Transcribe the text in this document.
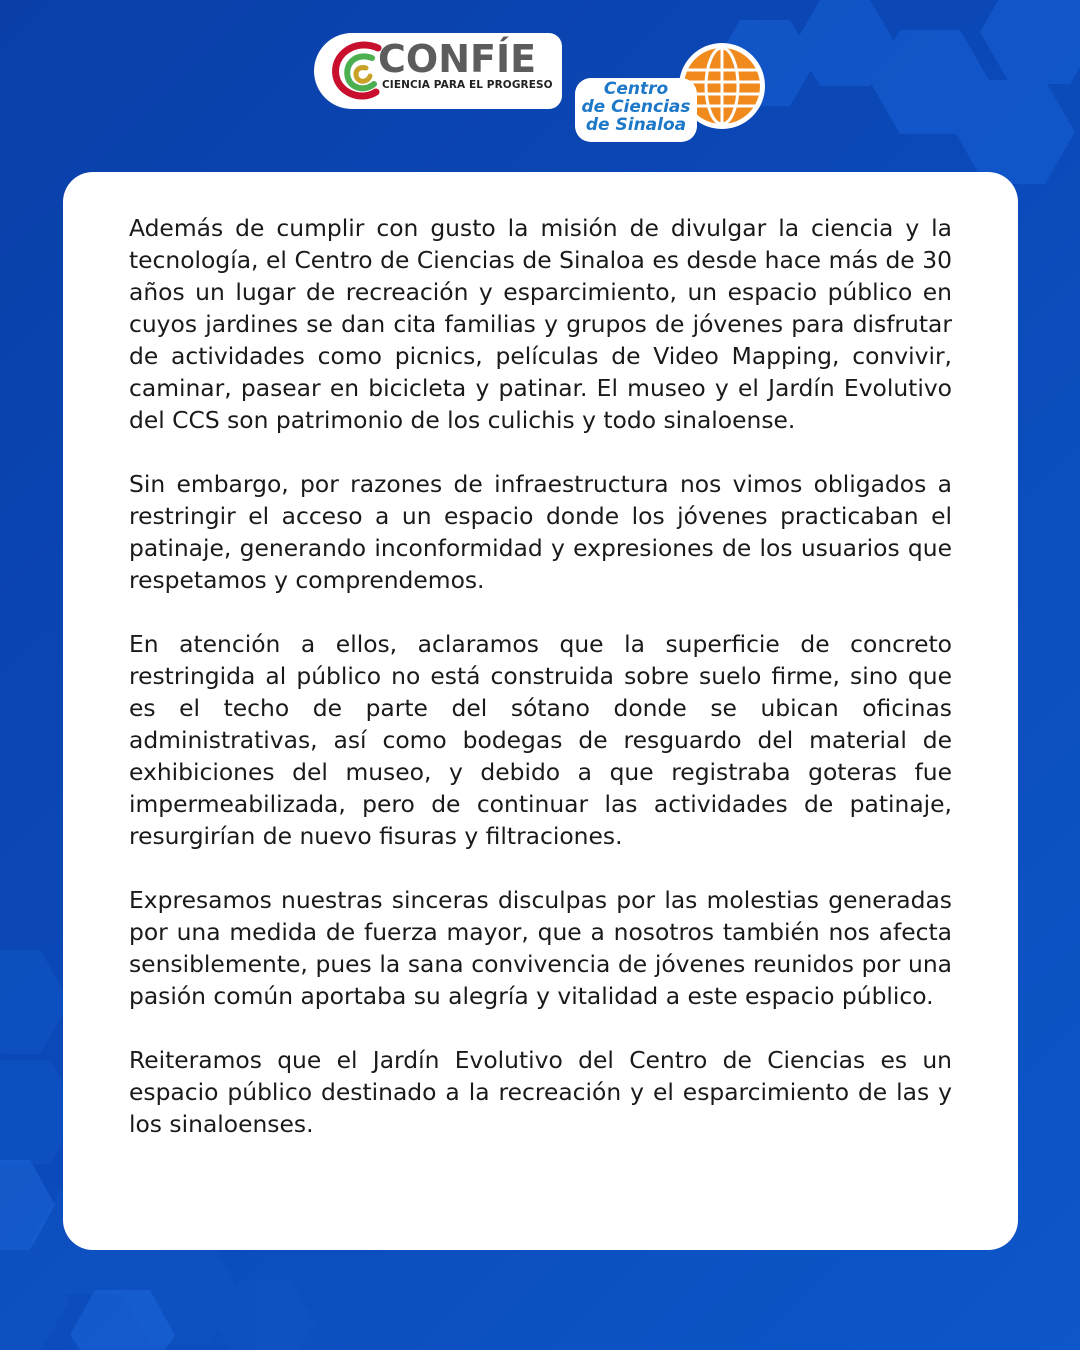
CONFÍE
CIENCIA PARA EL PROGRESO	Centro
de Ciencias
de Sinaloa

Además de cumplir con gusto la misión de divulgar la ciencia y la tecnología, el Centro de Ciencias de Sinaloa es desde hace más de 30 años un lugar de recreación y esparcimiento, un espacio público en cuyos jardines se dan cita familias y grupos de jóvenes para disfrutar de actividades como picnics, películas de Video Mapping, convivir, caminar, pasear en bicicleta y patinar. El museo y el Jardín Evolutivo del CCS son patrimonio de los culichis y todo sinaloense.

Sin embargo, por razones de infraestructura nos vimos obligados a restringir el acceso a un espacio donde los jóvenes practicaban el patinaje, generando inconformidad y expresiones de los usuarios que respetamos y comprendemos.

En atención a ellos, aclaramos que la superficie de concreto restringida al público no está construida sobre suelo firme, sino que es el techo de parte del sótano donde se ubican oficinas administrativas, así como bodegas de resguardo del material de exhibiciones del museo, y debido a que registraba goteras fue impermeabilizada, pero de continuar las actividades de patinaje, resurgirían de nuevo fisuras y filtraciones.

Expresamos nuestras sinceras disculpas por las molestias generadas por una medida de fuerza mayor, que a nosotros también nos afecta sensiblemente, pues la sana convivencia de jóvenes reunidos por una pasión común aportaba su alegría y vitalidad a este espacio público.

Reiteramos que el Jardín Evolutivo del Centro de Ciencias es un espacio público destinado a la recreación y el esparcimiento de las y los sinaloenses.
